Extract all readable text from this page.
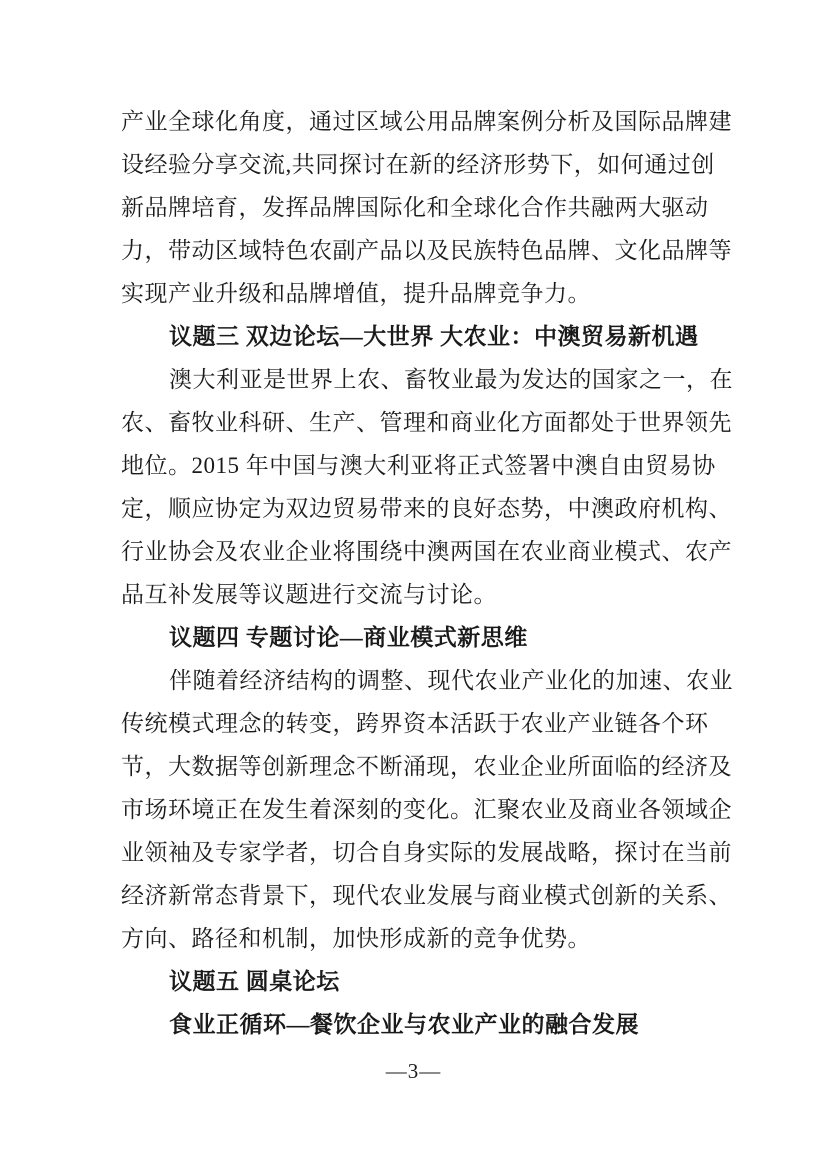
产业全球化角度，通过区域公用品牌案例分析及国际品牌建
设经验分享交流,共同探讨在新的经济形势下，如何通过创
新品牌培育，发挥品牌国际化和全球化合作共融两大驱动
力，带动区域特色农副产品以及民族特色品牌、文化品牌等
实现产业升级和品牌增值，提升品牌竞争力。
议题三 双边论坛—大世界 大农业：中澳贸易新机遇
澳大利亚是世界上农、畜牧业最为发达的国家之一，在
农、畜牧业科研、生产、管理和商业化方面都处于世界领先
地位。2015 年中国与澳大利亚将正式签署中澳自由贸易协
定，顺应协定为双边贸易带来的良好态势，中澳政府机构、
行业协会及农业企业将围绕中澳两国在农业商业模式、农产
品互补发展等议题进行交流与讨论。
议题四 专题讨论—商业模式新思维
伴随着经济结构的调整、现代农业产业化的加速、农业
传统模式理念的转变，跨界资本活跃于农业产业链各个环
节，大数据等创新理念不断涌现，农业企业所面临的经济及
市场环境正在发生着深刻的变化。汇聚农业及商业各领域企
业领袖及专家学者，切合自身实际的发展战略，探讨在当前
经济新常态背景下，现代农业发展与商业模式创新的关系、
方向、路径和机制，加快形成新的竞争优势。
议题五 圆桌论坛
食业正循环—餐饮企业与农业产业的融合发展
—3—
